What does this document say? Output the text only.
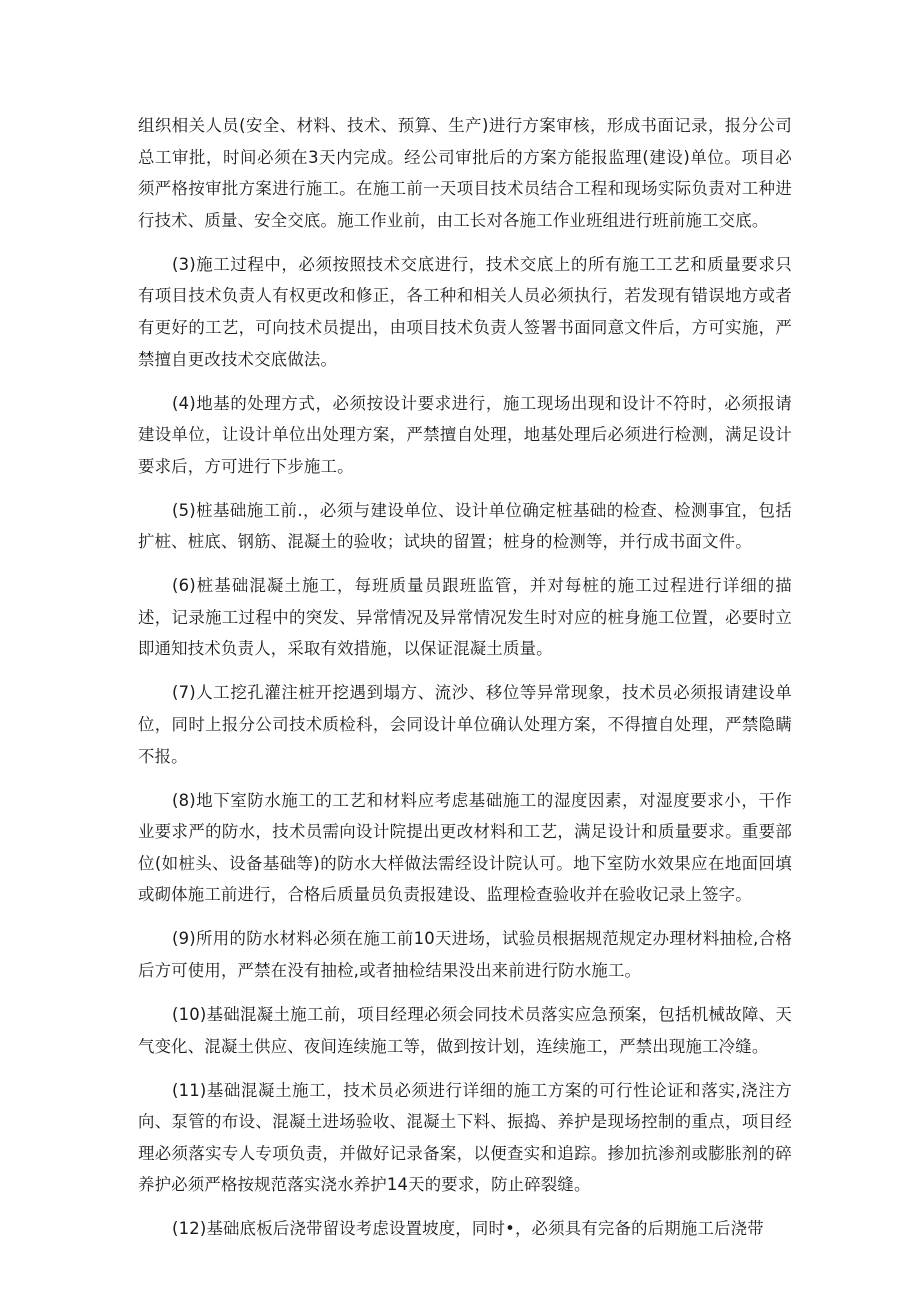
组织相关人员(安全、材料、技术、预算、生产)进行方案审核，形成书面记录，报分公司总工审批，时间必须在3天内完成。经公司审批后的方案方能报监理(建设)单位。项目必须严格按审批方案进行施工。在施工前一天项目技术员结合工程和现场实际负责对工种进行技术、质量、安全交底。施工作业前，由工长对各施工作业班组进行班前施工交底。

(3)施工过程中，必须按照技术交底进行，技术交底上的所有施工工艺和质量要求只有项目技术负责人有权更改和修正，各工种和相关人员必须执行，若发现有错误地方或者有更好的工艺，可向技术员提出，由项目技术负责人签署书面同意文件后，方可实施，严禁擅自更改技术交底做法。

(4)地基的处理方式，必须按设计要求进行，施工现场出现和设计不符时，必须报请建设单位，让设计单位出处理方案，严禁擅自处理，地基处理后必须进行检测，满足设计要求后，方可进行下步施工。

(5)桩基础施工前.，必须与建设单位、设计单位确定桩基础的检查、检测事宜，包括扩桩、桩底、钢筋、混凝土的验收；试块的留置；桩身的检测等，并行成书面文件。

(6)桩基础混凝土施工，每班质量员跟班监管，并对每桩的施工过程进行详细的描述，记录施工过程中的突发、异常情况及异常情况发生时对应的桩身施工位置，必要时立即通知技术负责人，采取有效措施，以保证混凝土质量。

(7)人工挖孔灌注桩开挖遇到塌方、流沙、移位等异常现象，技术员必须报请建设单位，同时上报分公司技术质检科，会同设计单位确认处理方案，不得擅自处理，严禁隐瞒不报。

(8)地下室防水施工的工艺和材料应考虑基础施工的湿度因素，对湿度要求小，干作业要求严的防水，技术员需向设计院提出更改材料和工艺，满足设计和质量要求。重要部位(如桩头、设备基础等)的防水大样做法需经设计院认可。地下室防水效果应在地面回填或砌体施工前进行，合格后质量员负责报建设、监理检查验收并在验收记录上签字。

(9)所用的防水材料必须在施工前10天进场，试验员根据规范规定办理材料抽检,合格后方可使用，严禁在没有抽检,或者抽检结果没出来前进行防水施工。

(10)基础混凝土施工前，项目经理必须会同技术员落实应急预案，包括机械故障、天气变化、混凝土供应、夜间连续施工等，做到按计划，连续施工，严禁出现施工冷缝。

(11)基础混凝土施工，技术员必须进行详细的施工方案的可行性论证和落实,浇注方向、泵管的布设、混凝土进场验收、混凝土下料、振捣、养护是现场控制的重点，项目经理必须落实专人专项负责，并做好记录备案，以便查实和追踪。掺加抗渗剂或膨胀剂的碎养护必须严格按规范落实浇水养护14天的要求，防止碎裂缝。

(12)基础底板后浇带留设考虑设置坡度，同时•，必须具有完备的后期施工后浇带
